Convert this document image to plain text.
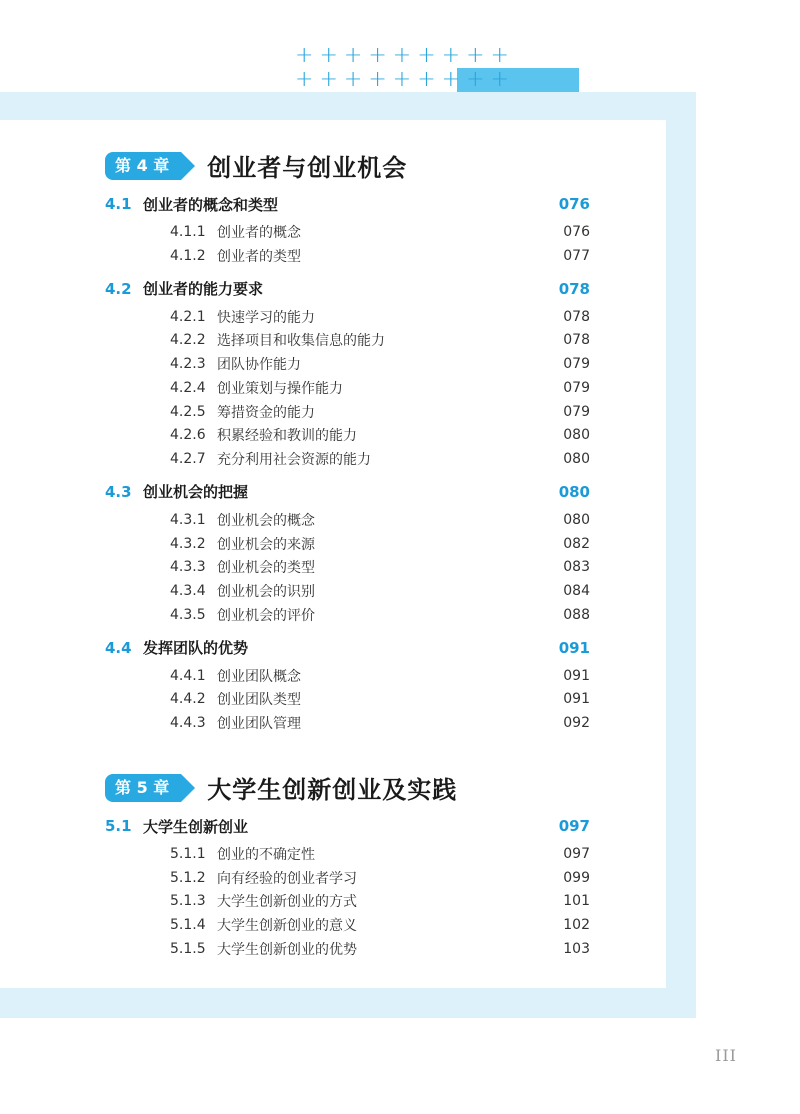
+ + + + + + + + +
+ + + + + + + + +
第 4 章	创业者与创业机会
4.1 创业者的概念和类型	076
4.1.1 创业者的概念	076
4.1.2 创业者的类型	077
4.2 创业者的能力要求	078
4.2.1 快速学习的能力	078
4.2.2 选择项目和收集信息的能力	078
4.2.3 团队协作能力	079
4.2.4 创业策划与操作能力	079
4.2.5 筹措资金的能力	079
4.2.6 积累经验和教训的能力	080
4.2.7 充分利用社会资源的能力	080
4.3 创业机会的把握	080
4.3.1 创业机会的概念	080
4.3.2 创业机会的来源	082
4.3.3 创业机会的类型	083
4.3.4 创业机会的识别	084
4.3.5 创业机会的评价	088
4.4 发挥团队的优势	091
4.4.1 创业团队概念	091
4.4.2 创业团队类型	091
4.4.3 创业团队管理	092
第 5 章	大学生创新创业及实践
5.1 大学生创新创业	097
5.1.1 创业的不确定性	097
5.1.2 向有经验的创业者学习	099
5.1.3 大学生创新创业的方式	101
5.1.4 大学生创新创业的意义	102
5.1.5 大学生创新创业的优势	103
III
